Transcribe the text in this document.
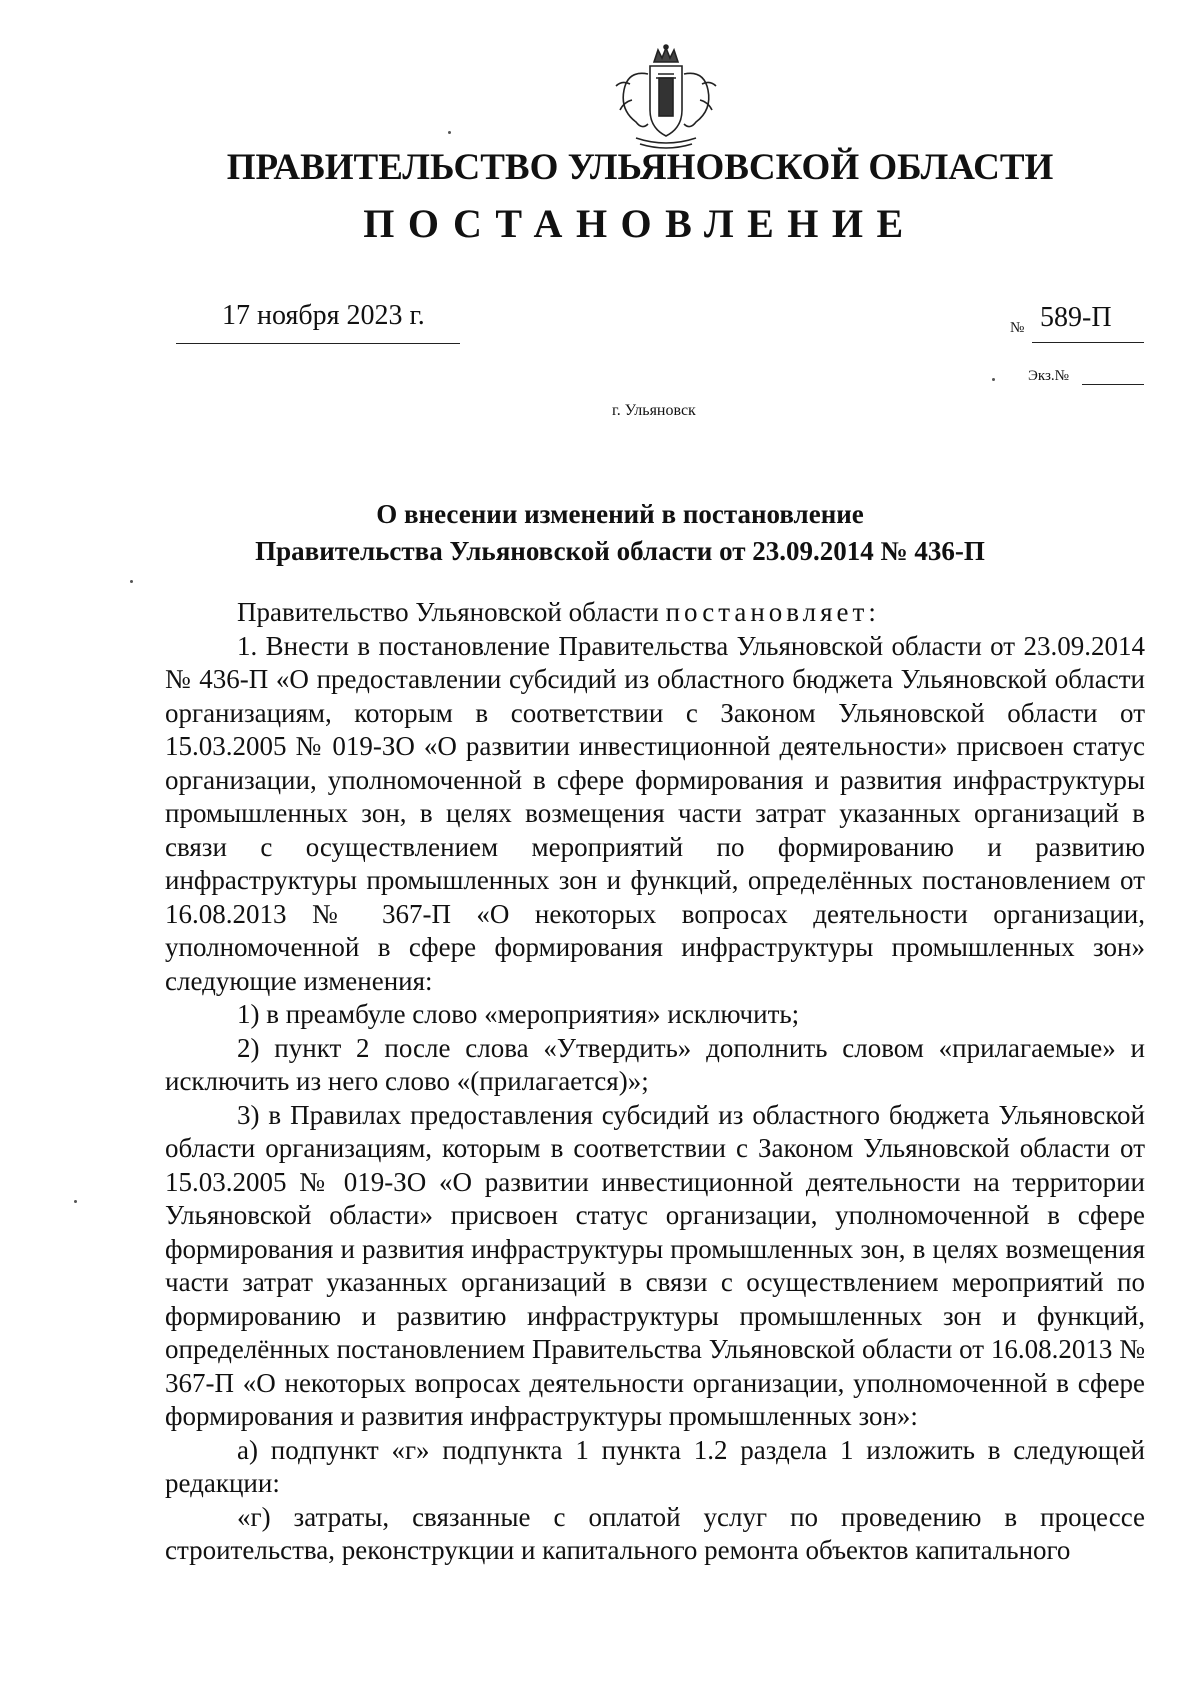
ПРАВИТЕЛЬСТВО УЛЬЯНОВСКОЙ ОБЛАСТИ
ПОСТАНОВЛЕНИЕ
17 ноября 2023 г.	№ 589-П
Экз.№
г. Ульяновск
О внесении изменений в постановление
Правительства Ульяновской области от 23.09.2014 № 436-П

Правительство Ульяновской области постановляет:

1. Внести в постановление Правительства Ульяновской области от 23.09.2014 № 436-П «О предоставлении субсидий из областного бюджета Ульяновской области организациям, которым в соответствии с Законом Ульяновской области от 15.03.2005 № 019-ЗО «О развитии инвестиционной деятельности» присвоен статус организации, уполномоченной в сфере формирования и развития инфраструктуры промышленных зон, в целях возмещения части затрат указанных организаций в связи с осуществлением мероприятий по формированию и развитию инфраструктуры промышленных зон и функций, определённых постановлением от 16.08.2013 № 367-П «О некоторых вопросах деятельности организации, уполномоченной в сфере формирования инфраструктуры промышленных зон» следующие изменения:

1) в преамбуле слово «мероприятия» исключить;

2) пункт 2 после слова «Утвердить» дополнить словом «прилагаемые» и исключить из него слово «(прилагается)»;

3) в Правилах предоставления субсидий из областного бюджета Ульяновской области организациям, которым в соответствии с Законом Ульяновской области от 15.03.2005 № 019-ЗО «О развитии инвестиционной деятельности на территории Ульяновской области» присвоен статус организации, уполномоченной в сфере формирования и развития инфраструктуры промышленных зон, в целях возмещения части затрат указанных организаций в связи с осуществлением мероприятий по формированию и развитию инфраструктуры промышленных зон и функций, определённых постановлением Правительства Ульяновской области от 16.08.2013 № 367-П «О некоторых вопросах деятельности организации, уполномоченной в сфере формирования и развития инфраструктуры промышленных зон»:

а) подпункт «г» подпункта 1 пункта 1.2 раздела 1 изложить в следующей редакции:

«г) затраты, связанные с оплатой услуг по проведению в процессе строительства, реконструкции и капитального ремонта объектов капитального
